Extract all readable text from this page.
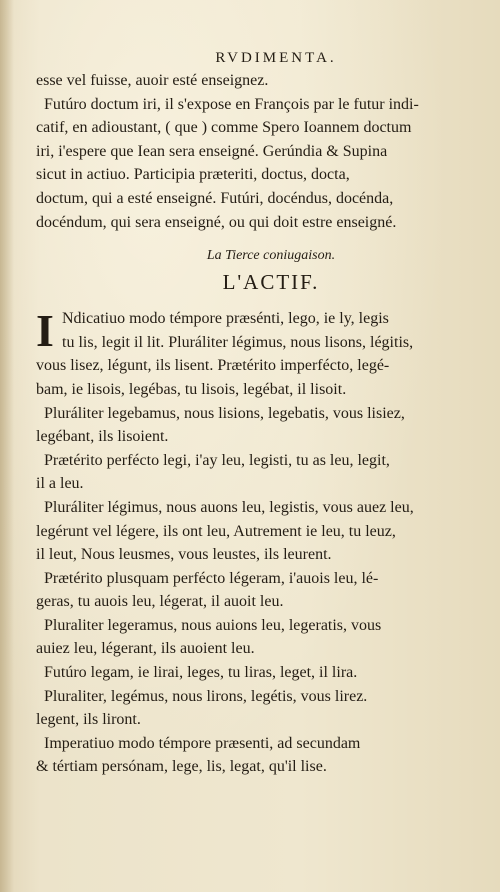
RVDIMENTA.

esse vel fuisse, auoir esté enseignez.

Futúro doctum iri, il s'expose en François par le futur indi-

catif, en adioustant, ( que ) comme Spero Ioannem doctum

iri, i'espere que Iean sera enseigné. Gerúndia & Supina

sicut in actiuo. Participia præteriti, doctus, docta,

doctum, qui a esté enseigné. Futúri, docéndus, docénda,

docéndum, qui sera enseigné, ou qui doit estre enseigné.

La Tierce coniugaison.
L'ACTIF.
I Ndicatiuo modo témpore præsénti, lego, ie ly, legis

tu lis, legit il lit. Pluráliter légimus, nous lisons, légitis,

vous lisez, légunt, ils lisent. Prætérito imperfécto, legé-

bam, ie lisois, legébas, tu lisois, legébat, il lisoit.

Pluráliter legebamus, nous lisions, legebatis, vous lisiez,

legébant, ils lisoient.

Prætérito perfécto legi, i'ay leu, legisti, tu as leu, legit,

il a leu.

Pluráliter légimus, nous auons leu, legistis, vous auez leu,

legérunt vel légere, ils ont leu, Autrement ie leu, tu leuz,

il leut, Nous leusmes, vous leustes, ils leurent.

Prætérito plusquam perfécto légeram, i'auois leu, lé-

geras, tu auois leu, légerat, il auoit leu.

Pluraliter legeramus, nous auions leu, legeratis, vous

auiez leu, légerant, ils auoient leu.

Futúro legam, ie lirai, leges, tu liras, leget, il lira.

Pluraliter, legémus, nous lirons, legétis, vous lirez.

legent, ils liront.

Imperatiuo modo témpore præsenti, ad secundam

& tértiam persónam, lege, lis, legat, qu'il lise.
